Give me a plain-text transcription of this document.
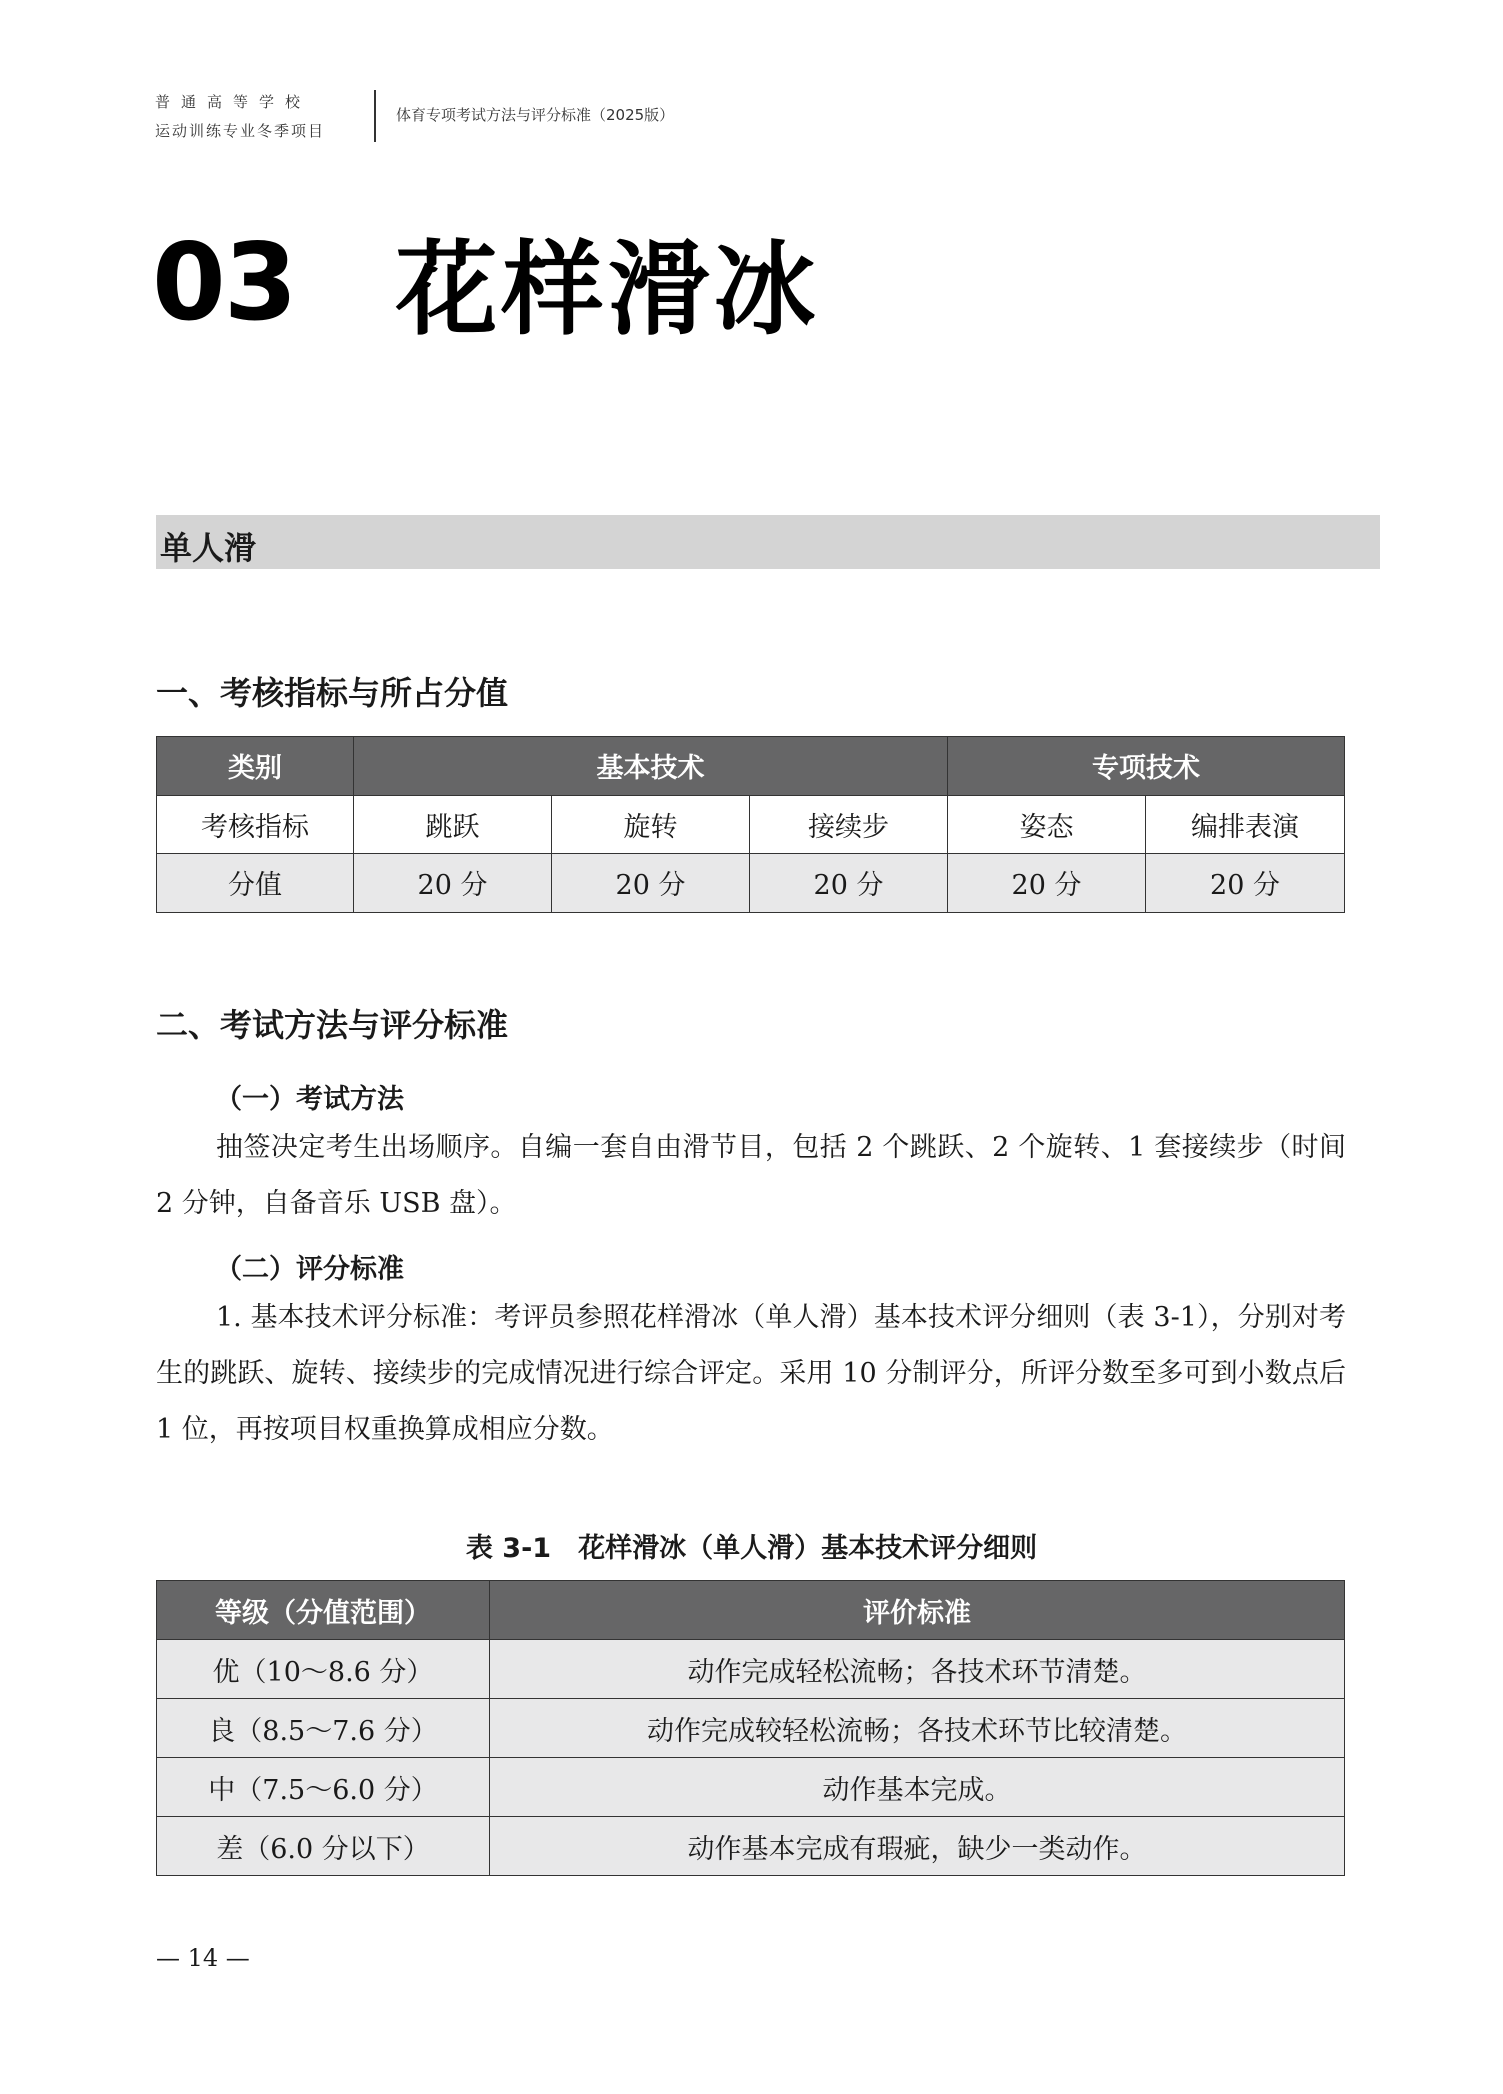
普通高等学校
运动训练专业冬季项目
体育专项考试方法与评分标准（2025版）
03 花样滑冰
单人滑
一、考核指标与所占分值
类别	基本技术			专项技术	
考核指标	跳跃	旋转	接续步	姿态	编排表演
分值	20 分	20 分	20 分	20 分	20 分
二、考试方法与评分标准
（一）考试方法
抽签决定考生出场顺序。自编一套自由滑节目，包括 2 个跳跃、2 个旋转、1 套接续步（时间 2 分钟，自备音乐 USB 盘）。
（二）评分标准
1. 基本技术评分标准：考评员参照花样滑冰（单人滑）基本技术评分细则（表 3-1），分别对考生的跳跃、旋转、接续步的完成情况进行综合评定。采用 10 分制评分，所评分数至多可到小数点后 1 位，再按项目权重换算成相应分数。
表 3-1　花样滑冰（单人滑）基本技术评分细则
等级（分值范围）	评价标准
优（10～8.6 分）	动作完成轻松流畅；各技术环节清楚。
良（8.5～7.6 分）	动作完成较轻松流畅；各技术环节比较清楚。
中（7.5～6.0 分）	动作基本完成。
差（6.0 分以下）	动作基本完成有瑕疵，缺少一类动作。
— 14 —
